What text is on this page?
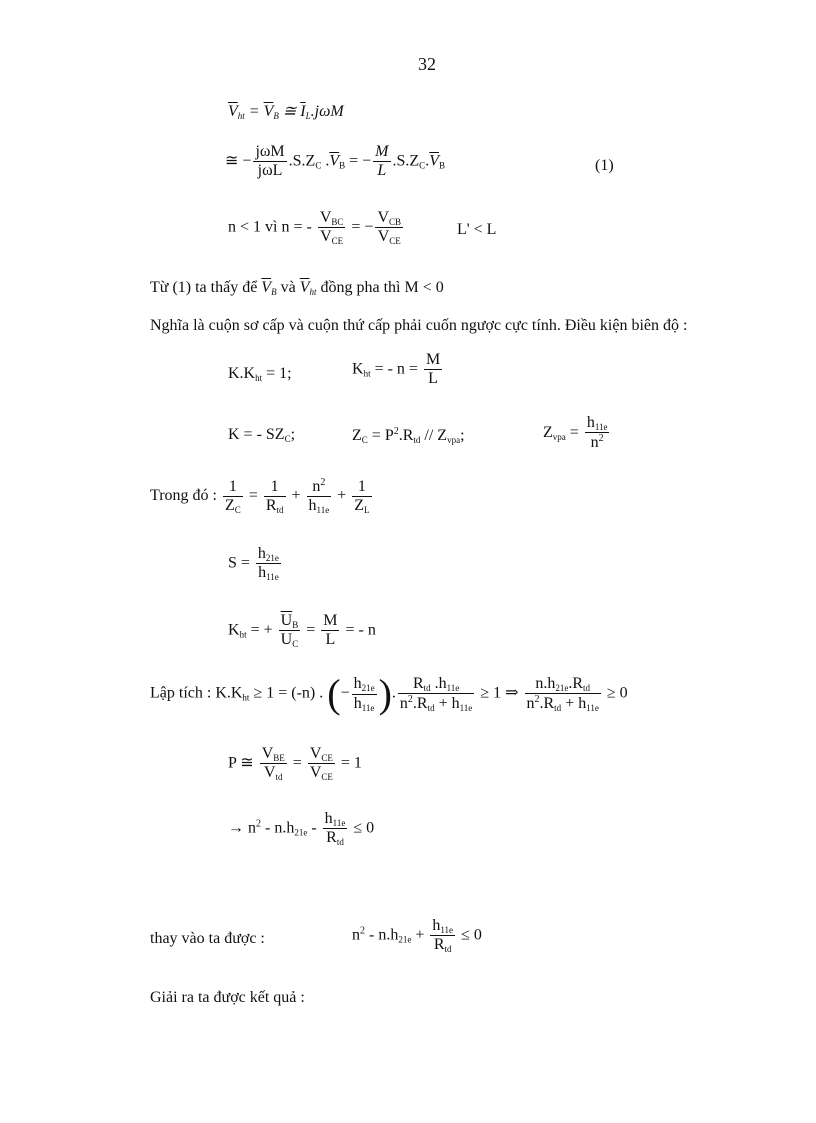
32
$\overline{V}_{ht} = \overline{V}_B$ ≅ $\overline{I}_L.j\omega M$
≅ − $\frac{\text{jωM}}{\text{jωL}} .S.Z_C$ $.\overline{V}_B$ = − $\frac{M}{L} .S.Z_C.\overline{V}_B$	(1)
n < 1 vì n = - $\frac{V_{BC}}{V_{CE}}$ = − $\frac{V_{CB}}{V_{CE}}$	L' < L
Từ (1) ta thấy để $\overline{V}_B$ và $\overline{V}_{ht}$ đồng pha thì M < 0
Nghĩa là cuộn sơ cấp và cuộn thứ cấp phải cuốn ngược cực tính. Điều kiện biên độ :
$K.K_{ht} = 1$;	$K_{ht}$ = - $n = \frac{M}{L}$
K = - $SZ_C$;	$Z_C = P^2.R_{td} // Z_{vpa}$;	$Z_{vpa} = \frac{h_{11e}}{n^2}$
Trong đó : $\frac{1}{Z_C} = \frac{1}{R_{td}} + \frac{n^2}{h_{11e}} + \frac{1}{Z_L}$
$S = \frac{h_{21e}}{h_{11e}}$
$K_{ht}$ = + $\frac{\overline{U}_B}{\overline{U}_C} = \frac{M}{L}$ = - n
Lập tích : $K.K_{ht} \ge 1 = (-n)$ . (− $\frac{h_{21e}}{h_{11e}}$ ). $\frac{R_{td} .h_{11e}}{n^2.R_{td} + h_{11e}} \ge 1$ ⇒ $\frac{n.h_{21e}.R_{td}}{n^2.R_{td} + h_{11e}} \ge 0$
P ≅ $\frac{V_{BE}}{V_{td}} = \frac{V_{CE}}{V_{CE}} = 1$
→ $n^2 - n.h_{21e} - \frac{h_{11e}}{R_{td}} \le 0$
thay vào ta được :	$n^2 - n.h_{21e} + \frac{h_{11e}}{R_{td}} \le 0$
Giải ra ta được kết quả :
